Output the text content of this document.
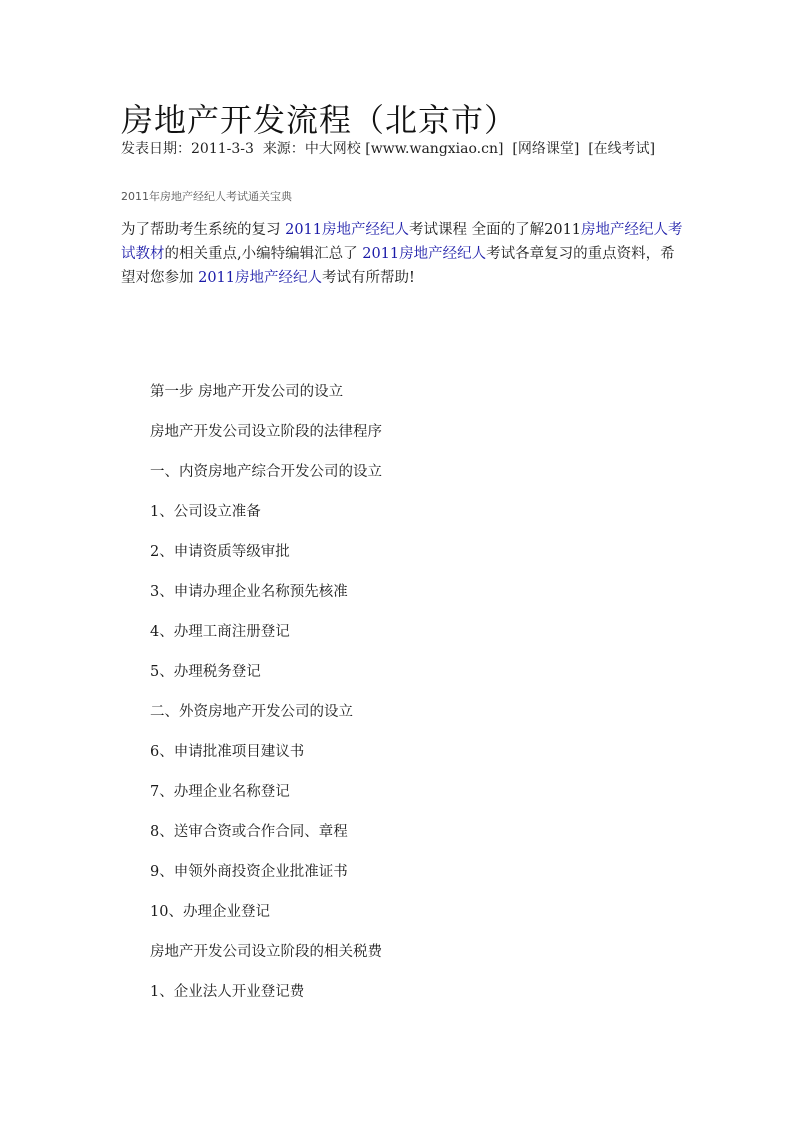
房地产开发流程（北京市）
发表日期：2011-3-3 来源：中大网校 [www.wangxiao.cn] [网络课堂] [在线考试]
2011年房地产经纪人考试通关宝典

为了帮助考生系统的复习 2011房地产经纪人考试课程 全面的了解2011房地产经纪人考试教材的相关重点,小编特编辑汇总了 2011房地产经纪人考试各章复习的重点资料，希望对您参加 2011房地产经纪人考试有所帮助!

第一步 房地产开发公司的设立
房地产开发公司设立阶段的法律程序
一、内资房地产综合开发公司的设立
1、公司设立准备
2、申请资质等级审批
3、申请办理企业名称预先核准
4、办理工商注册登记
5、办理税务登记
二、外资房地产开发公司的设立
6、申请批准项目建议书
7、办理企业名称登记
8、送审合资或合作合同、章程
9、申领外商投资企业批准证书
10、办理企业登记
房地产开发公司设立阶段的相关税费
1、企业法人开业登记费
